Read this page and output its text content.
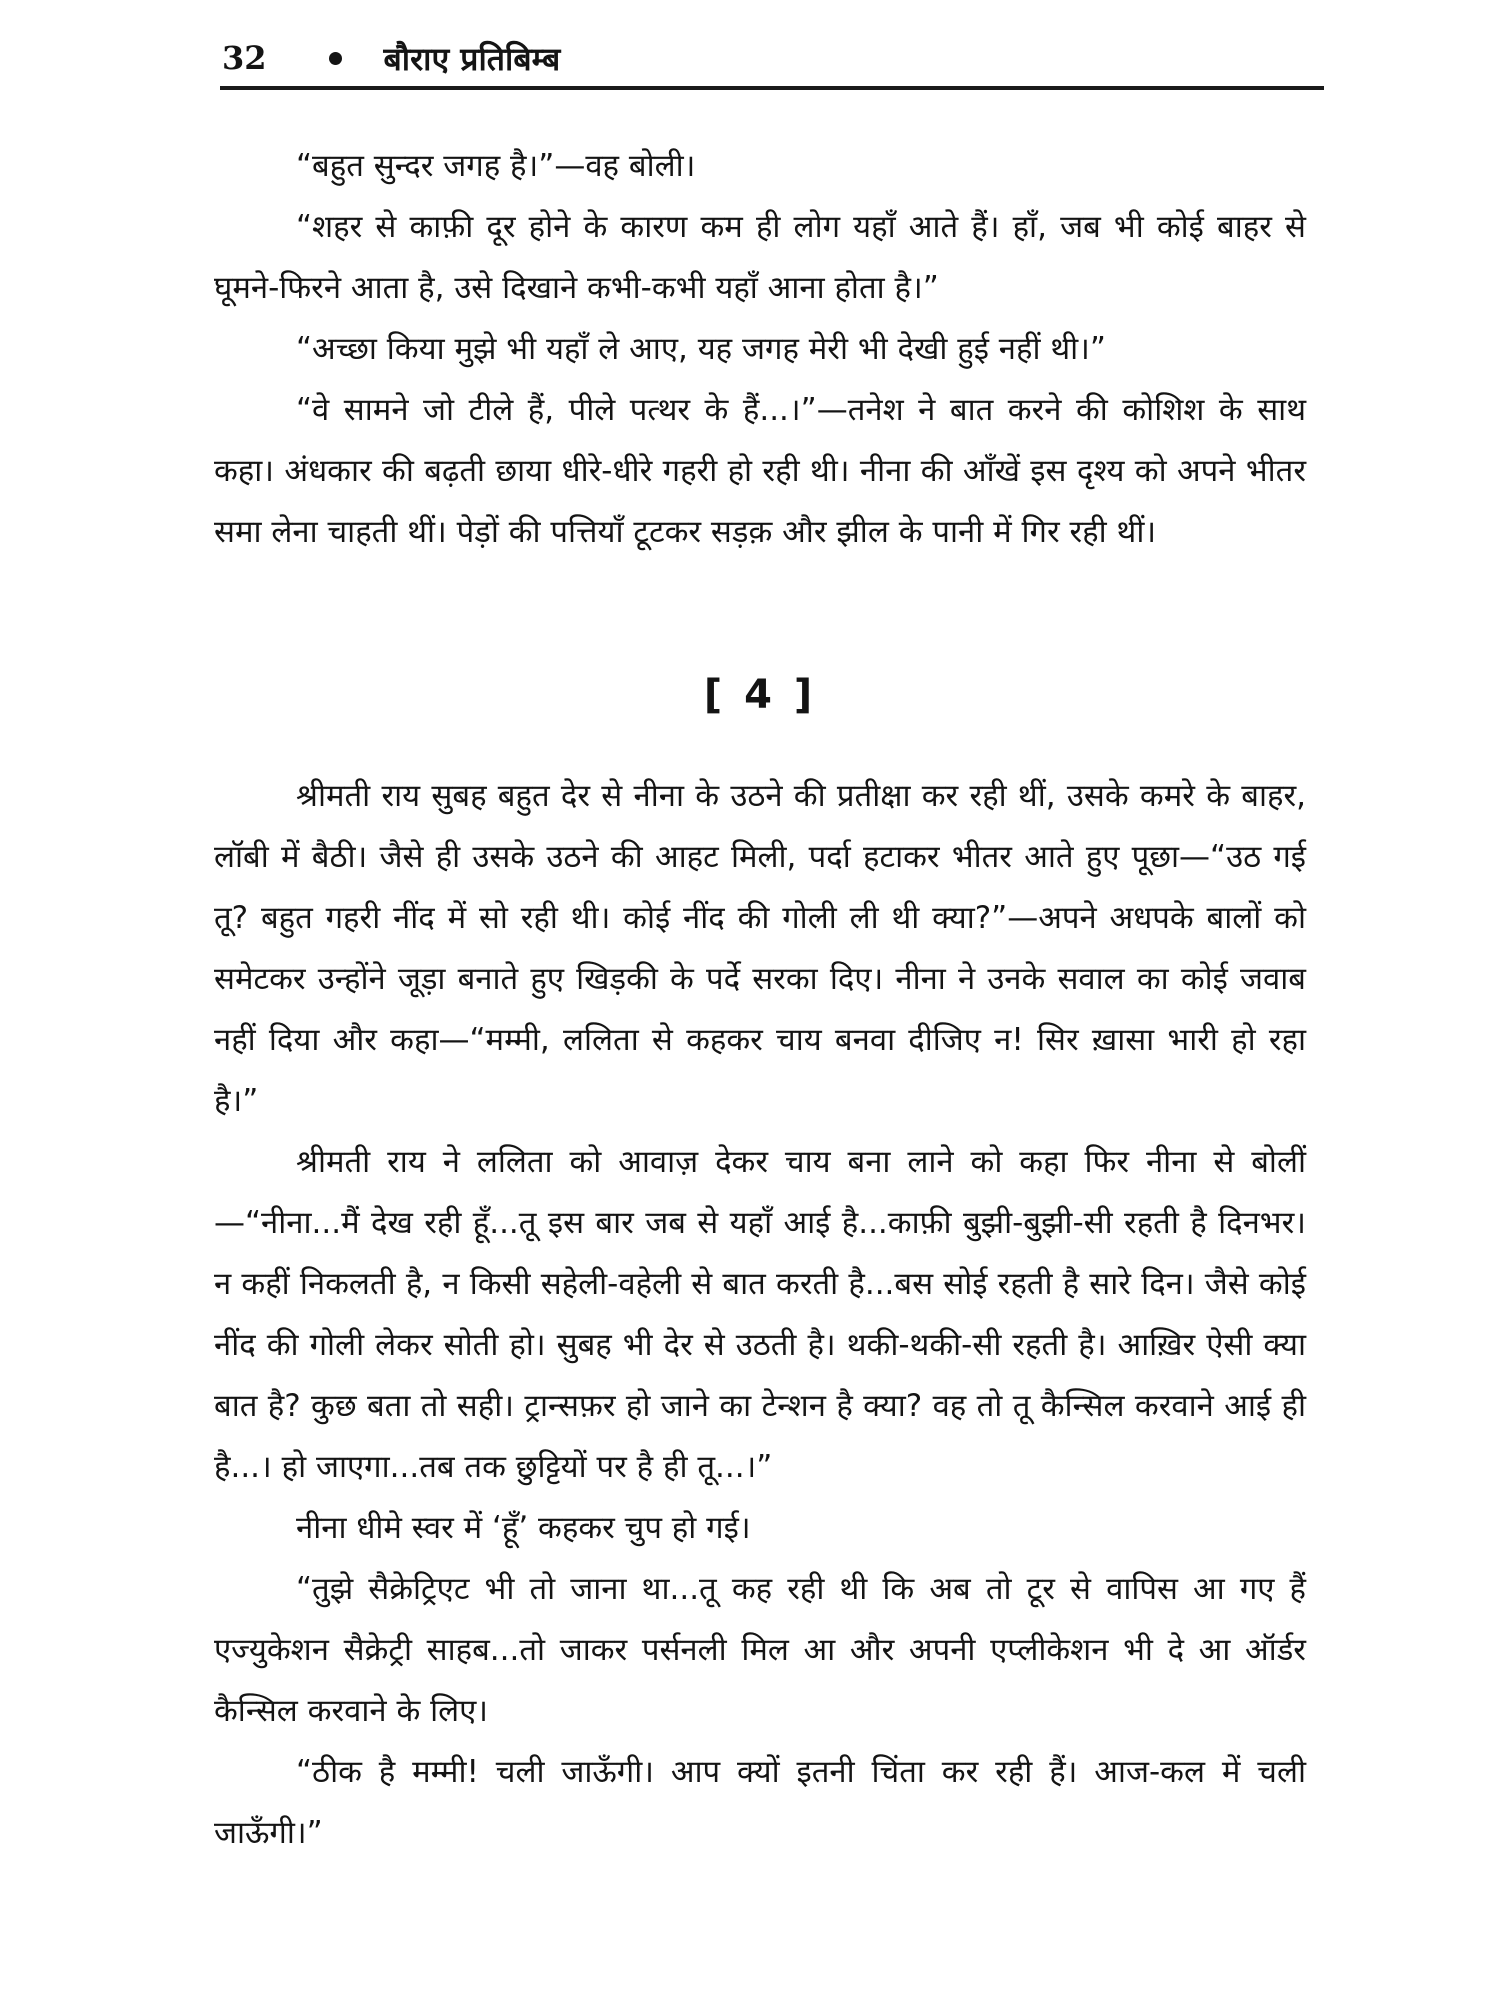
32	बौराए प्रतिबिम्ब

“बहुत सुन्दर जगह है।”—वह बोली।

“शहर से काफ़ी दूर होने के कारण कम ही लोग यहाँ आते हैं। हाँ, जब भी कोई बाहर से घूमने-फिरने आता है, उसे दिखाने कभी-कभी यहाँ आना होता है।”

“अच्छा किया मुझे भी यहाँ ले आए, यह जगह मेरी भी देखी हुई नहीं थी।”

“वे सामने जो टीले हैं, पीले पत्थर के हैं...।”—तनेश ने बात करने की कोशिश के साथ कहा। अंधकार की बढ़ती छाया धीरे-धीरे गहरी हो रही थी। नीना की आँखें इस दृश्य को अपने भीतर समा लेना चाहती थीं। पेड़ों की पत्तियाँ टूटकर सड़क़ और झील के पानी में गिर रही थीं।

[ 4 ]

श्रीमती राय सुबह बहुत देर से नीना के उठने की प्रतीक्षा कर रही थीं, उसके कमरे के बाहर, लॉबी में बैठी। जैसे ही उसके उठने की आहट मिली, पर्दा हटाकर भीतर आते हुए पूछा—“उठ गई तू? बहुत गहरी नींद में सो रही थी। कोई नींद की गोली ली थी क्या?”—अपने अधपके बालों को समेटकर उन्होंने जूड़ा बनाते हुए खिड़की के पर्दे सरका दिए। नीना ने उनके सवाल का कोई जवाब नहीं दिया और कहा—“मम्मी, ललिता से कहकर चाय बनवा दीजिए न! सिर ख़ासा भारी हो रहा है।”

श्रीमती राय ने ललिता को आवाज़ देकर चाय बना लाने को कहा फिर नीना से बोलीं—“नीना...मैं देख रही हूँ...तू इस बार जब से यहाँ आई है...काफ़ी बुझी-बुझी-सी रहती है दिनभर। न कहीं निकलती है, न किसी सहेली-वहेली से बात करती है...बस सोई रहती है सारे दिन। जैसे कोई नींद की गोली लेकर सोती हो। सुबह भी देर से उठती है। थकी-थकी-सी रहती है। आख़िर ऐसी क्या बात है? कुछ बता तो सही। ट्रान्सफ़र हो जाने का टेन्शन है क्या? वह तो तू कैन्सिल करवाने आई ही है...। हो जाएगा...तब तक छुट्टियों पर है ही तू...।”

नीना धीमे स्वर में ‘हूँ’ कहकर चुप हो गई।

“तुझे सैक्रेट्रिएट भी तो जाना था...तू कह रही थी कि अब तो टूर से वापिस आ गए हैं एज्युकेशन सैक्रेट्री साहब...तो जाकर पर्सनली मिल आ और अपनी एप्लीकेशन भी दे आ ऑर्डर कैन्सिल करवाने के लिए।

“ठीक है मम्मी! चली जाऊँगी। आप क्यों इतनी चिंता कर रही हैं। आज-कल में चली जाऊँगी।”
